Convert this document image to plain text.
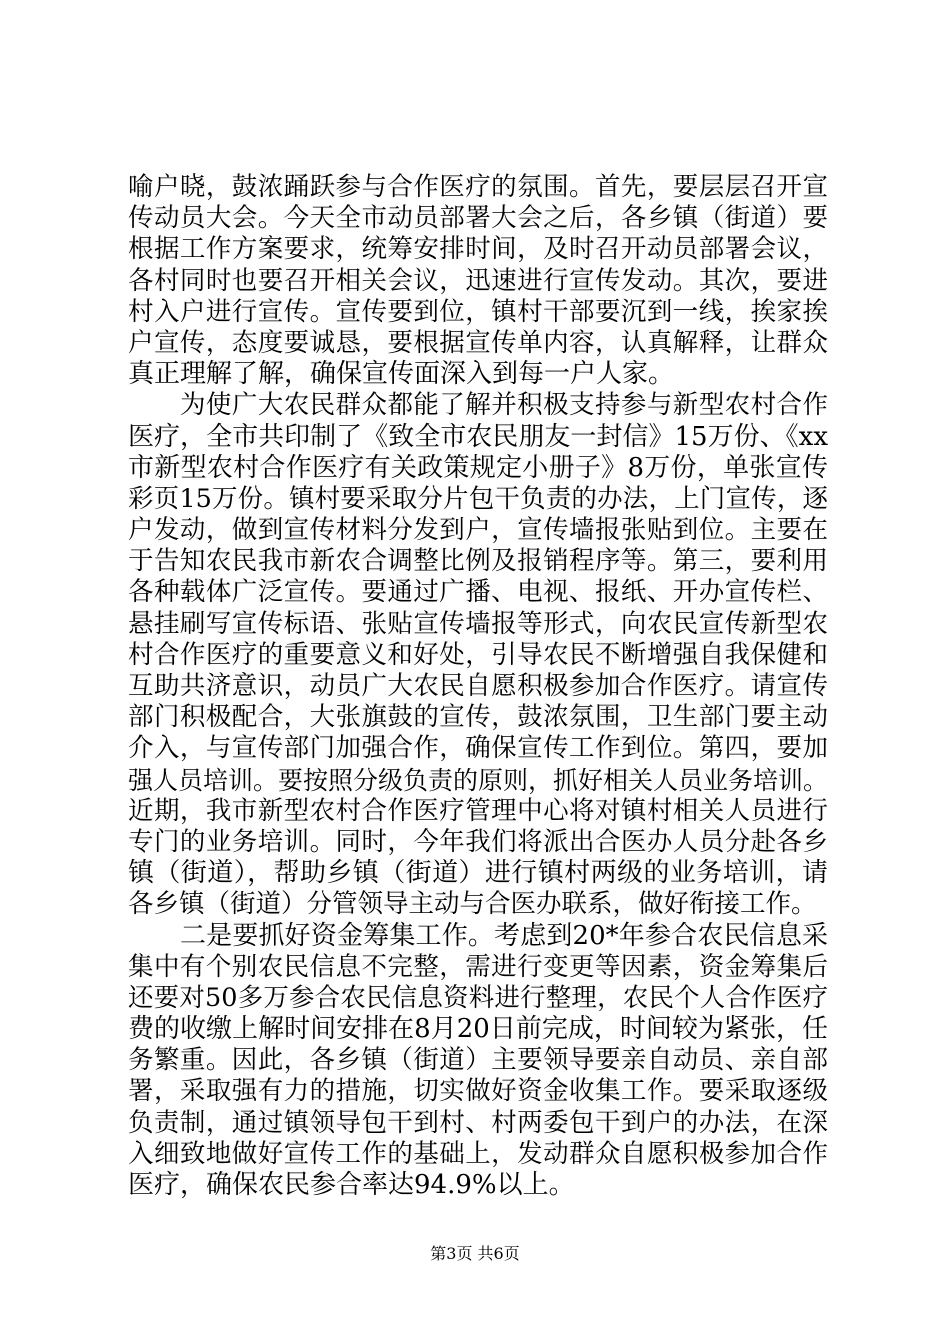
喻户晓，鼓浓踊跃参与合作医疗的氛围。首先，要层层召开宣
传动员大会。今天全市动员部署大会之后，各乡镇（街道）要
根据工作方案要求，统筹安排时间，及时召开动员部署会议，
各村同时也要召开相关会议，迅速进行宣传发动。其次，要进
村入户进行宣传。宣传要到位，镇村干部要沉到一线，挨家挨
户宣传，态度要诚恳，要根据宣传单内容，认真解释，让群众
真正理解了解，确保宣传面深入到每一户人家。
为使广大农民群众都能了解并积极支持参与新型农村合作
医疗，全市共印制了《致全市农民朋友一封信》15万份、《xx
市新型农村合作医疗有关政策规定小册子》8万份，单张宣传
彩页15万份。镇村要采取分片包干负责的办法，上门宣传，逐
户发动，做到宣传材料分发到户，宣传墙报张贴到位。主要在
于告知农民我市新农合调整比例及报销程序等。第三，要利用
各种载体广泛宣传。要通过广播、电视、报纸、开办宣传栏、
悬挂刷写宣传标语、张贴宣传墙报等形式，向农民宣传新型农
村合作医疗的重要意义和好处，引导农民不断增强自我保健和
互助共济意识，动员广大农民自愿积极参加合作医疗。请宣传
部门积极配合，大张旗鼓的宣传，鼓浓氛围，卫生部门要主动
介入，与宣传部门加强合作，确保宣传工作到位。第四，要加
强人员培训。要按照分级负责的原则，抓好相关人员业务培训。
近期，我市新型农村合作医疗管理中心将对镇村相关人员进行
专门的业务培训。同时，今年我们将派出合医办人员分赴各乡
镇（街道），帮助乡镇（街道）进行镇村两级的业务培训，请
各乡镇（街道）分管领导主动与合医办联系，做好衔接工作。
二是要抓好资金筹集工作。考虑到20*年参合农民信息采
集中有个别农民信息不完整，需进行变更等因素，资金筹集后
还要对50多万参合农民信息资料进行整理，农民个人合作医疗
费的收缴上解时间安排在8月20日前完成，时间较为紧张，任
务繁重。因此，各乡镇（街道）主要领导要亲自动员、亲自部
署，采取强有力的措施，切实做好资金收集工作。要采取逐级
负责制，通过镇领导包干到村、村两委包干到户的办法，在深
入细致地做好宣传工作的基础上，发动群众自愿积极参加合作
医疗，确保农民参合率达94.9%以上。
第3页 共6页
